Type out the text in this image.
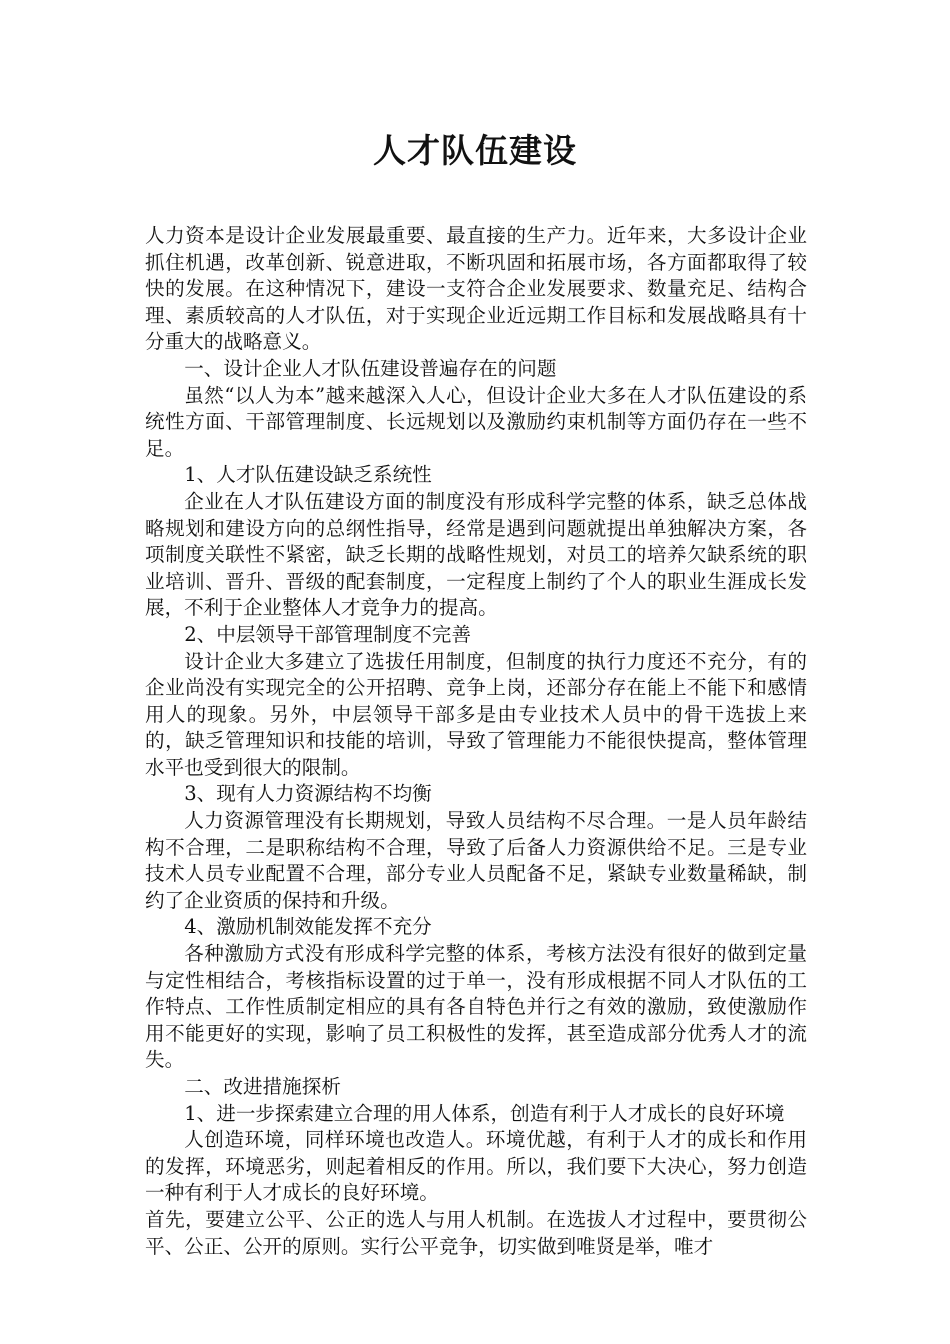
人才队伍建设

人力资本是设计企业发展最重要、最直接的生产力。近年来，大多设计企业抓住机遇，改革创新、锐意进取，不断巩固和拓展市场，各方面都取得了较快的发展。在这种情况下，建设一支符合企业发展要求、数量充足、结构合理、素质较高的人才队伍，对于实现企业近远期工作目标和发展战略具有十分重大的战略意义。

一、设计企业人才队伍建设普遍存在的问题

虽然“以人为本”越来越深入人心，但设计企业大多在人才队伍建设的系统性方面、干部管理制度、长远规划以及激励约束机制等方面仍存在一些不足。

1、人才队伍建设缺乏系统性

企业在人才队伍建设方面的制度没有形成科学完整的体系，缺乏总体战略规划和建设方向的总纲性指导，经常是遇到问题就提出单独解决方案，各项制度关联性不紧密，缺乏长期的战略性规划，对员工的培养欠缺系统的职业培训、晋升、晋级的配套制度，一定程度上制约了个人的职业生涯成长发展，不利于企业整体人才竞争力的提高。

2、中层领导干部管理制度不完善

设计企业大多建立了选拔任用制度，但制度的执行力度还不充分，有的企业尚没有实现完全的公开招聘、竞争上岗，还部分存在能上不能下和感情用人的现象。另外，中层领导干部多是由专业技术人员中的骨干选拔上来的，缺乏管理知识和技能的培训，导致了管理能力不能很快提高，整体管理水平也受到很大的限制。

3、现有人力资源结构不均衡

人力资源管理没有长期规划，导致人员结构不尽合理。一是人员年龄结构不合理，二是职称结构不合理，导致了后备人力资源供给不足。三是专业技术人员专业配置不合理，部分专业人员配备不足，紧缺专业数量稀缺，制约了企业资质的保持和升级。

4、激励机制效能发挥不充分

各种激励方式没有形成科学完整的体系，考核方法没有很好的做到定量与定性相结合，考核指标设置的过于单一，没有形成根据不同人才队伍的工作特点、工作性质制定相应的具有各自特色并行之有效的激励，致使激励作用不能更好的实现，影响了员工积极性的发挥，甚至造成部分优秀人才的流失。

二、改进措施探析

1、进一步探索建立合理的用人体系，创造有利于人才成长的良好环境

人创造环境，同样环境也改造人。环境优越，有利于人才的成长和作用的发挥，环境恶劣，则起着相反的作用。所以，我们要下大决心，努力创造一种有利于人才成长的良好环境。

首先，要建立公平、公正的选人与用人机制。在选拔人才过程中，要贯彻公平、公正、公开的原则。实行公平竞争，切实做到唯贤是举，唯才
